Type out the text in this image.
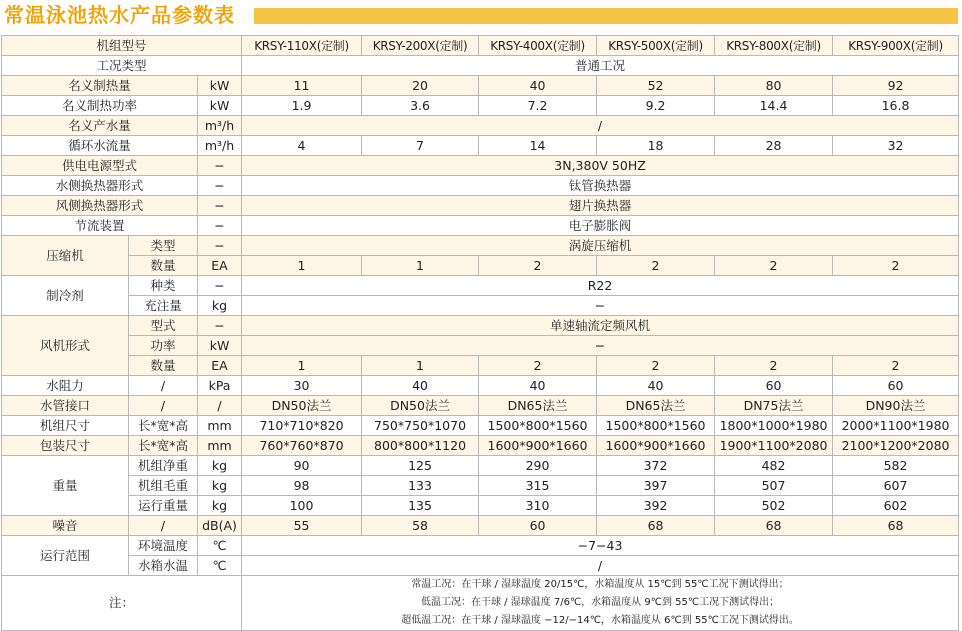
常温泳池热水产品参数表
机组型号			KRSY-110X(定制)	KRSY-200X(定制)	KRSY-400X(定制)	KRSY-500X(定制)	KRSY-800X(定制)	KRSY-900X(定制)
工况类型			普通工况					
名义制热量		kW	11	20	40	52	80	92
名义制热功率		kW	1.9	3.6	7.2	9.2	14.4	16.8
名义产水量		m³/h	/					
循环水流量		m³/h	4	7	14	18	28	32
供电电源型式		−	3N,380V 50HZ					
水侧换热器形式		−	钛管换热器					
风侧换热器形式		−	翅片换热器					
节流装置		−	电子膨胀阀					
压缩机	类型	−	涡旋压缩机					
	数量	EA	1	1	2	2	2	2
制冷剂	种类	−	R22					
	充注量	kg	−					
风机形式	型式	−	单速轴流定频风机					
	功率	kW	−					
	数量	EA	1	1	2	2	2	2
水阻力	/	kPa	30	40	40	40	60	60
水管接口	/	/	DN50法兰	DN50法兰	DN65法兰	DN65法兰	DN75法兰	DN90法兰
机组尺寸	长*宽*高	mm	710*710*820	750*750*1070	1500*800*1560	1500*800*1560	1800*1000*1980	2000*1100*1980
包装尺寸	长*宽*高	mm	760*760*870	800*800*1120	1600*900*1660	1600*900*1660	1900*1100*2080	2100*1200*2080
重量	机组净重	kg	90	125	290	372	482	582
	机组毛重	kg	98	133	315	397	507	607
	运行重量	kg	100	135	310	392	502	602
噪音	/	dB(A)	55	58	60	68	68	68
运行范围	环境温度	℃	−7−43					
	水箱水温	℃	/					
注：			常温工况：在干球 / 湿球温度 20/15℃，水箱温度从 15℃到 55℃工况下测试得出；
低温工况：在干球 / 湿球温度 7/6℃，水箱温度从 9℃到 55℃工况下测试得出；
超低温工况：在干球 / 湿球温度 −12/−14℃，水箱温度从 6℃到 55℃工况下测试得出。					
